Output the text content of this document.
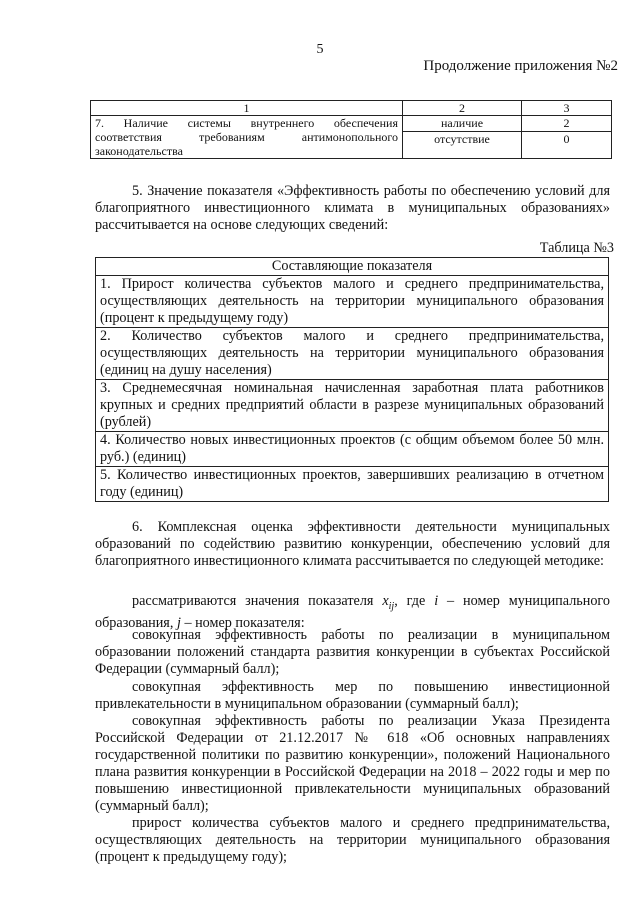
5
Продолжение приложения №2
1	2	3
7. Наличие системы внутреннего обеспечения соответствия требованиям антимонопольного законодательства	наличие	2
	отсутствие	0
5. Значение показателя «Эффективность работы по обеспечению условий для благоприятного инвестиционного климата в муниципальных образованиях» рассчитывается на основе следующих сведений:
Таблица №3
Составляющие показателя
1. Прирост количества субъектов малого и среднего предпринимательства, осуществляющих деятельность на территории муниципального образования (процент к предыдущему году)
2. Количество субъектов малого и среднего предпринимательства, осуществляющих деятельность на территории муниципального образования (единиц на душу населения)
3. Среднемесячная номинальная начисленная заработная плата работников крупных и средних предприятий области в разрезе муниципальных образований (рублей)
4. Количество новых инвестиционных проектов (с общим объемом более 50 млн. руб.) (единиц)
5. Количество инвестиционных проектов, завершивших реализацию в отчетном году (единиц)
6. Комплексная оценка эффективности деятельности муниципальных образований по содействию развитию конкуренции, обеспечению условий для благоприятного инвестиционного климата рассчитывается по следующей методике:
рассматриваются значения показателя $x_{ij}$, где i – номер муниципального образования, j – номер показателя:
совокупная эффективность работы по реализации в муниципальном образовании положений стандарта развития конкуренции в субъектах Российской Федерации (суммарный балл);
совокупная эффективность мер по повышению инвестиционной привлекательности в муниципальном образовании (суммарный балл);
совокупная эффективность работы по реализации Указа Президента Российской Федерации от 21.12.2017 № 618 «Об основных направлениях государственной политики по развитию конкуренции», положений Национального плана развития конкуренции в Российской Федерации на 2018 – 2022 годы и мер по повышению инвестиционной привлекательности муниципальных образований (суммарный балл);
прирост количества субъектов малого и среднего предпринимательства, осуществляющих деятельность на территории муниципального образования (процент к предыдущему году);
